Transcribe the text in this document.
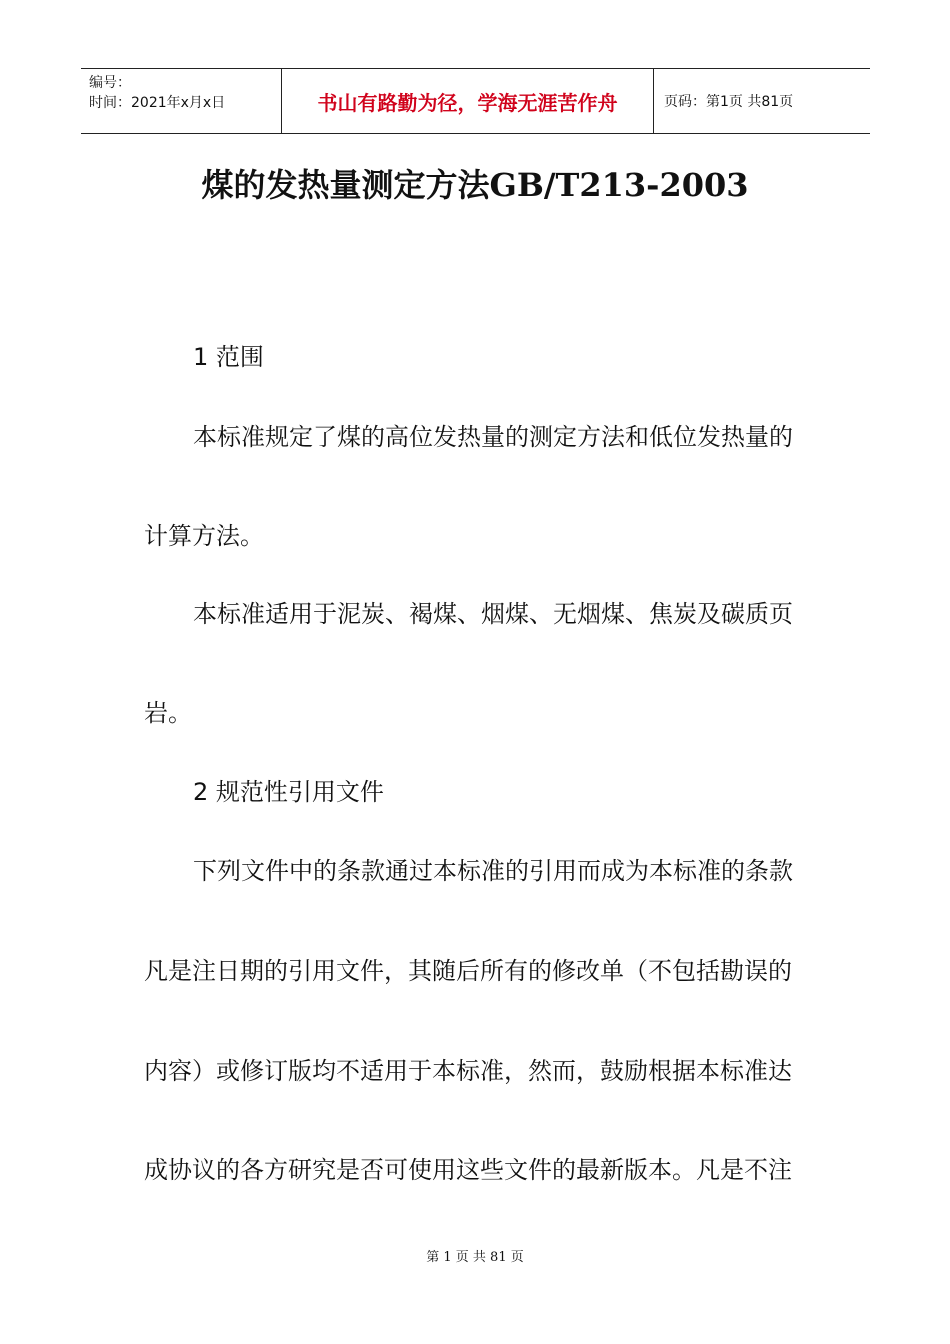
编号：
时间：2021年x月x日	书山有路勤为径，学海无涯苦作舟	页码：第1页 共81页
煤的发热量测定方法GB/T213-2003
1 范围
本标准规定了煤的高位发热量的测定方法和低位发热量的
计算方法。
本标准适用于泥炭、褐煤、烟煤、无烟煤、焦炭及碳质页
岩。
2 规范性引用文件
下列文件中的条款通过本标准的引用而成为本标准的条款
凡是注日期的引用文件，其随后所有的修改单（不包括勘误的
内容）或修订版均不适用于本标准，然而，鼓励根据本标准达
成协议的各方研究是否可使用这些文件的最新版本。凡是不注
第 1 页 共 81 页
